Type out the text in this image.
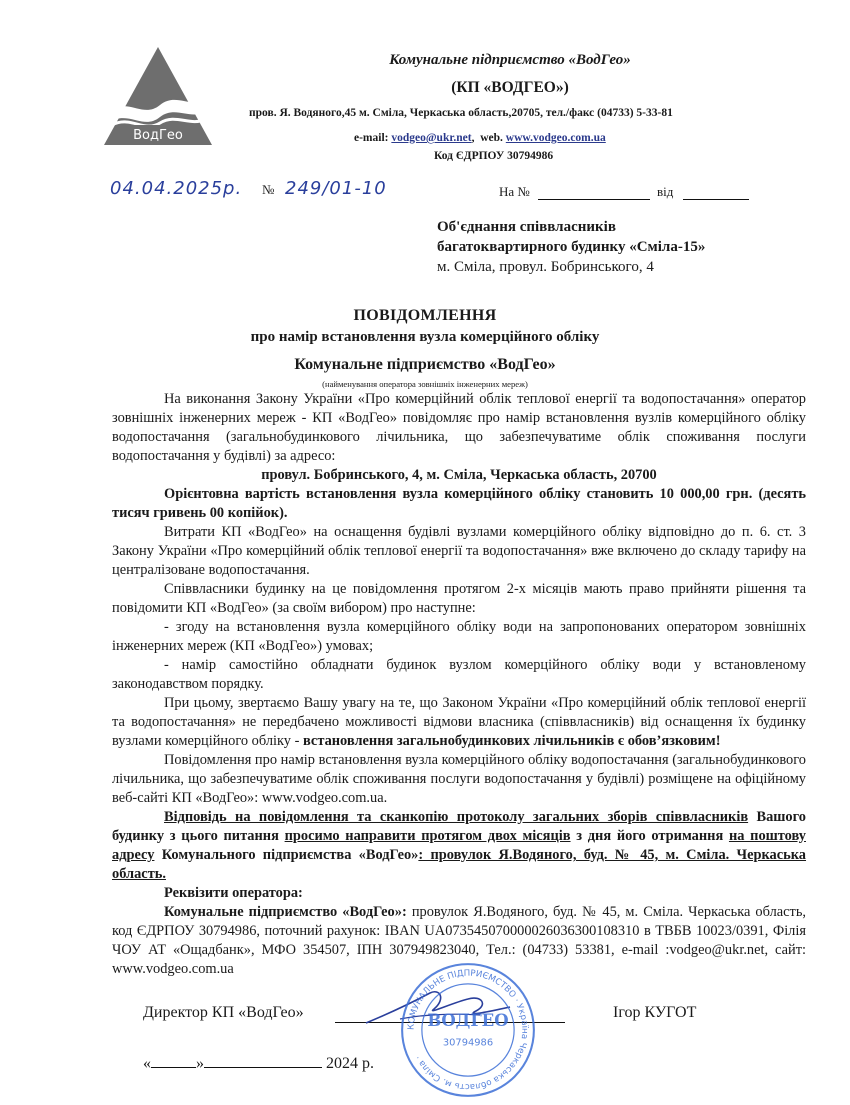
ВодГео
Комунальне підприємство «ВодГео»
(КП «ВОДГЕО»)
пров. Я. Водяного,45 м. Сміла, Черкаська область,20705, тел./факс (04733) 5-33-81
e-mail: vodgeo@ukr.net,  web. www.vodgeo.com.ua
Код ЄДРПОУ 30794986
04.04.2025р. № 249/01-10	На №	від
Об'єднання співвласників
багатоквартирного будинку «Сміла-15»
м. Сміла, провул. Бобринського, 4
ПОВІДОМЛЕННЯ
про намір встановлення вузла комерційного обліку
Комунальне підприємство «ВодГео»
(найменування оператора зовнішніх інженерних мереж)

На виконання Закону України «Про комерційний облік теплової енергії та водопостачання» оператор зовнішніх інженерних мереж - КП «ВодГео» повідомляє про намір встановлення вузлів комерційного обліку водопостачання (загальнобудинкового лічильника, що забезпечуватиме облік споживання послуги водопостачання у будівлі) за адресо:

провул. Бобринського, 4, м. Сміла, Черкаська область, 20700

Орієнтовна вартість встановлення вузла комерційного обліку становить 10 000,00 грн. (десять тисяч гривень 00 копійок).

Витрати КП «ВодГео» на оснащення будівлі вузлами комерційного обліку відповідно до п. 6. ст. 3 Закону України «Про комерційний облік теплової енергії та водопостачання» вже включено до складу тарифу на централізоване водопостачання.

Співвласники будинку на це повідомлення протягом 2-х місяців мають право прийняти рішення та повідомити КП «ВодГео» (за своїм вибором) про наступне:

- згоду на встановлення вузла комерційного обліку води на запропонованих оператором зовнішніх інженерних мереж (КП «ВодГео») умовах;

- намір самостійно обладнати будинок вузлом комерційного обліку води у встановленому законодавством порядку.

При цьому, звертаємо Вашу увагу на те, що Законом України «Про комерційний облік теплової енергії та водопостачання» не передбачено можливості відмови власника (співвласників) від оснащення їх будинку вузлами комерційного обліку - встановлення загальнобудинкових лічильників є обов’язковим!

Повідомлення про намір встановлення вузла комерційного обліку водопостачання (загальнобудинкового лічильника, що забезпечуватиме облік споживання послуги водопостачання у будівлі) розміщене на офіційному веб-сайті КП «ВодГео»: www.vodgeo.com.ua.

Відповідь на повідомлення та сканкопію протоколу загальних зборів співвласників Вашого будинку з цього питання просимо направити протягом двох місяців з дня його отримання на поштову адресу Комунального підприємства «ВодГео»: провулок Я.Водяного, буд. № 45, м. Сміла. Черкаська область.

Реквізити оператора:

Комунальне підприємство «ВодГео»: провулок Я.Водяного, буд. № 45, м. Сміла. Черкаська область, код ЄДРПОУ 30794986, поточний рахунок: IBAN UA073545070000026036300108310 в ТВБВ 10023/0391, Філія ЧОУ АТ «Ощадбанк», МФО 354507, ІПН 307949823040, Тел.: (04733) 53381, e-mail :vodgeo@ukr.net, сайт: www.vodgeo.com.ua

Директор КП «ВодГео»	Ігор КУГОТ
«	»	2024 р.
КОМУНАЛЬНЕ ПІДПРИЄМСТВО · Україна Черкаська область м. Сміла ·
ВОДГЕО
30794986
